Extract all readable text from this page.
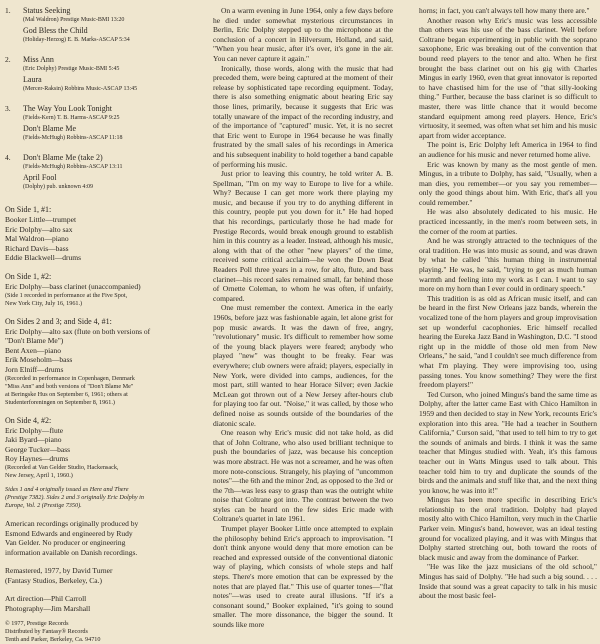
1.	Status Seeking
(Mal Waldron) Prestige Music-BMI 13:20
God Bless the Child
(Holiday-Herzog) E. B. Marks-ASCAP 5:34
2.	Miss Ann
(Eric Dolphy) Prestige Music-BMI 5:45
Laura
(Mercer-Raksin) Robbins Music-ASCAP 13:45
3.	The Way You Look Tonight
(Fields-Kern) T. B. Harms-ASCAP 9:25
Don't Blame Me
(Fields-McHugh) Robbins-ASCAP 11:18
4.	Don't Blame Me (take 2)
(Fields-McHugh) Robbins-ASCAP 13:11
April Fool
(Dolphy) pub. unknown 4:09
On Side 1, #1:
Booker Little—trumpet
Eric Dolphy—alto sax
Mal Waldron—piano
Richard Davis—bass
Eddie Blackwell—drums
On Side 1, #2:
Eric Dolphy—bass clarinet (unaccompanied)
(Side 1 recorded in performance at the Five Spot,
New York City, July 16, 1961.)
On Sides 2 and 3; and Side 4, #1:
Eric Dolphy—alto sax (flute on both versions of
"Don't Blame Me")
Bent Axen—piano
Erik Moseholm—bass
Jorn Elniff—drums
(Recorded in performance in Copenhagen, Denmark
"Miss Ann" and both versions of "Don't Blame Me"
at Beringske Hus on September 6, 1961; others at
Studenterforeningen on September 8, 1961.)
On Side 4, #2:
Eric Dolphy—flute
Jaki Byard—piano
George Tucker—bass
Roy Haynes—drums
(Recorded at Van Gelder Studio, Hackensack,
New Jersey, April 1, 1960.)
Sides 1 and 4 originally issued as Here and There
(Prestige 7382). Sides 2 and 3 originally Eric Dolphy in
Europe, Vol. 2 (Prestige 7350).
American recordings originally produced by
Esmond Edwards and engineered by Rudy
Van Gelder. No producer or engineering
information available on Danish recordings.
Remastered, 1977, by David Turner
(Fantasy Studios, Berkeley, Ca.)
Art direction—Phil Carroll
Photography—Jim Marshall
© 1977, Prestige Records
Distributed by Fantasy® Records
Tenth and Parker, Berkeley, Ca. 94710

On a warm evening in June 1964, only a few days before he died under somewhat mysterious circumstances in Berlin, Eric Dolphy stepped up to the microphone at the conclusion of a concert in Hilversum, Holland, and said, "When you hear music, after it's over, it's gone in the air. You can never capture it again."

Ironically, those words, along with the music that had preceded them, were being captured at the moment of their release by sophisticated tape recording equipment. Today, there is also something enigmatic about hearing Eric say those lines, primarily, because it suggests that Eric was totally unaware of the impact of the recording industry, and of the importance of "captured" music. Yet, it is no secret that Eric went to Europe in 1964 because he was finally frustrated by the small sales of his recordings in America and his subsequent inability to hold together a band capable of performing his music.

Just prior to leaving this country, he told writer A. B. Spellman, "I'm on my way to Europe to live for a while. Why? Because I can get more work there playing my music, and because if you try to do anything different in this country, people put you down for it." He had hoped that his recordings, particularly those he had made for Prestige Records, would break enough ground to establish him in this country as a leader. Instead, although his music, along with that of the other "new players" of the time, received some critical acclaim—he won the Down Beat Readers Poll three years in a row, for alto, flute, and bass clarinet—his record sales remained small, far behind those of Ornette Coleman, to whom he was often, if unfairly, compared.

One must remember the context. America in the early 1960s, before jazz was fashionable again, let alone grist for pop music awards. It was the dawn of free, angry, "revolutionary" music. It's difficult to remember how some of the young black players were feared; anybody who played "new" was thought to be freaky. Fear was everywhere; club owners were afraid; players, especially in New York, were divided into camps, audiences, for the most part, still wanted to hear Horace Silver; even Jackie McLean got thrown out of a New Jersey after-hours club for playing too far out. "Noise," it was called, by those who defined noise as sounds outside of the boundaries of the diatonic scale.

One reason why Eric's music did not take hold, as did that of John Coltrane, who also used brilliant technique to push the boundaries of jazz, was because his conception was more abstract. He was not a screamer, and he was often more note-conscious. Strangely, his playing of "uncommon notes"—the 6th and the minor 2nd, as opposed to the 3rd or the 7th—was less easy to grasp than was the outright white noise that Coltrane got into. The contrast between the two styles can be heard on the few sides Eric made with Coltrane's quartet in late 1961.

Trumpet player Booker Little once attempted to explain the philosophy behind Eric's approach to improvisation. "I don't think anyone would deny that more emotion can be reached and expressed outside of the conventional diatonic way of playing, which consists of whole steps and half steps. There's more emotion that can be expressed by the notes that are played flat." This use of quarter tones—"flat notes"—was used to create aural illusions. "If it's a consonant sound," Booker explained, "it's going to sound smaller. The more dissonance, the bigger the sound. It sounds like more

horns; in fact, you can't always tell how many there are."

Another reason why Eric's music was less accessible than others was his use of the bass clarinet. Well before Coltrane began experimenting in public with the soprano saxophone, Eric was breaking out of the convention that bound reed players to the tenor and alto. When he first brought the bass clarinet out on his gig with Charles Mingus in early 1960, even that great innovator is reported to have chastised him for the use of "that silly-looking thing." Further, because the bass clarinet is so difficult to master, there was little chance that it would become standard equipment among reed players. Hence, Eric's virtuosity, it seemed, was often what set him and his music apart from wider acceptance.

The point is, Eric Dolphy left America in 1964 to find an audience for his music and never returned home alive.

Eric was known by many as the most gentle of men. Mingus, in a tribute to Dolphy, has said, "Usually, when a man dies, you remember—or you say you remember—only the good things about him. With Eric, that's all you could remember."

He was also absolutely dedicated to his music. He practiced incessantly, in the men's room between sets, in the corner of the room at parties.

And he was strongly attracted to the techniques of the oral tradition. He was into music as sound, and was drawn by what he called "this human thing in instrumental playing." He was, he said, "trying to get as much human warmth and feeling into my work as I can. I want to say more on my horn than I ever could in ordinary speech."

This tradition is as old as African music itself, and can be heard in the first New Orleans jazz bands, wherein the vocalized tone of the horn players and group improvisation set up wonderful cacophonies. Eric himself recalled hearing the Eureka Jazz Band in Washington, D.C. "I stood right up in the middle of those old men from New Orleans," he said, "and I couldn't see much difference from what I'm playing. They were improvising too, using passing tones. You know something? They were the first freedom players!"

Ted Curson, who joined Mingus's band the same time as Dolphy, after the latter came East with Chico Hamilton in 1959 and then decided to stay in New York, recounts Eric's exploration into this area. "He had a teacher in Southern California," Curson said, "that used to tell him to try to get the sounds of animals and birds. I think it was the same teacher that Mingus studied with. Yeah, it's this famous teacher out in Watts Mingus used to talk about. This teacher told him to try and duplicate the sounds of the birds and the animals and stuff like that, and the next thing you know, he was into it!"

Mingus has been more specific in describing Eric's relationship to the oral tradition. Dolphy had played mostly alto with Chico Hamilton, very much in the Charlie Parker vein. Mingus's band, however, was an ideal testing ground for vocalized playing, and it was with Mingus that Dolphy started stretching out, both toward the roots of black music and away from the dominance of Parker.

"He was like the jazz musicians of the old school," Mingus has said of Dolphy. "He had such a big sound. . . . Inside that sound was a great capacity to talk in his music about the most basic feel-
